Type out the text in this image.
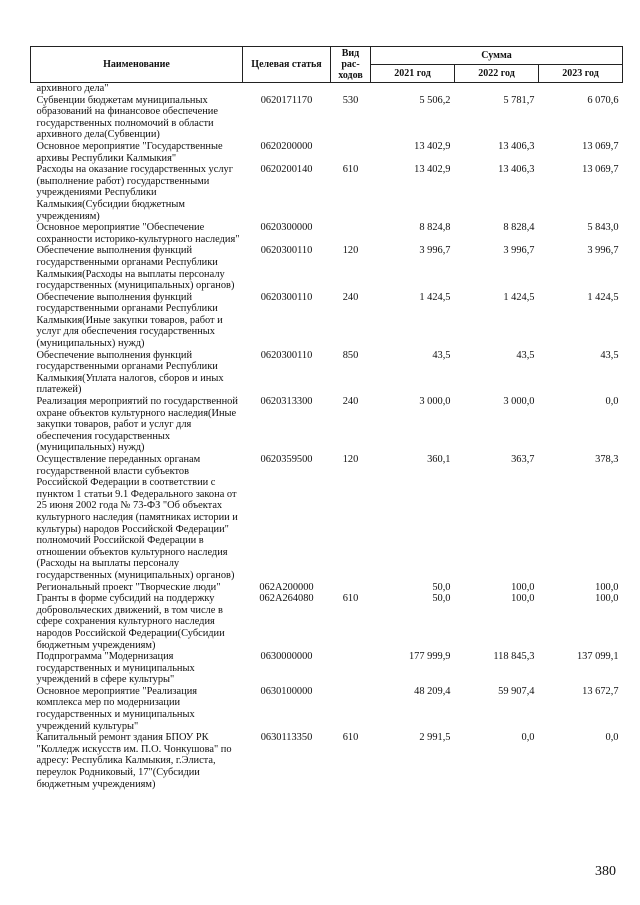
Наименование	Целевая статья	Вид рас-ходов	Сумма		
			2021 год	2022 год	2023 год
архивного дела"					
Субвенции бюджетам муниципальных образований на финансовое обеспечение государственных полномочий в области архивного дела(Субвенции)	0620171170	530	5 506,2	5 781,7	6 070,6
Основное мероприятие "Государственные архивы Республики Калмыкия"	0620200000		13 402,9	13 406,3	13 069,7
Расходы на оказание государственных услуг (выполнение работ) государственными учреждениями Республики Калмыкия(Субсидии бюджетным учреждениям)	0620200140	610	13 402,9	13 406,3	13 069,7
Основное мероприятие "Обеспечение сохранности историко-культурного наследия"	0620300000		8 824,8	8 828,4	5 843,0
Обеспечение выполнения функций государственными органами Республики Калмыкия(Расходы на выплаты персоналу государственных (муниципальных) органов)	0620300110	120	3 996,7	3 996,7	3 996,7
Обеспечение выполнения функций государственными органами Республики Калмыкия(Иные закупки товаров, работ и услуг для обеспечения государственных (муниципальных) нужд)	0620300110	240	1 424,5	1 424,5	1 424,5
Обеспечение выполнения функций государственными органами Республики Калмыкия(Уплата налогов, сборов и иных платежей)	0620300110	850	43,5	43,5	43,5
Реализация мероприятий по государственной охране объектов культурного наследия(Иные закупки товаров, работ и услуг для обеспечения государственных (муниципальных) нужд)	0620313300	240	3 000,0	3 000,0	0,0
Осуществление переданных органам государственной власти субъектов Российской Федерации в соответствии с пунктом 1 статьи 9.1 Федерального закона от 25 июня 2002 года № 73-ФЗ "Об объектах культурного наследия (памятниках истории и культуры) народов Российской Федерации" полномочий Российской Федерации в отношении объектов культурного наследия (Расходы на выплаты персоналу государственных (муниципальных) органов)	0620359500	120	360,1	363,7	378,3
Региональный проект "Творческие люди"	062A200000		50,0	100,0	100,0
Гранты в форме субсидий на поддержку добровольческих движений, в том числе в сфере сохранения культурного наследия народов Российской Федерации(Субсидии бюджетным учреждениям)	062A264080	610	50,0	100,0	100,0
Подпрограмма "Модернизация государственных и муниципальных учреждений в сфере культуры"	0630000000		177 999,9	118 845,3	137 099,1
Основное мероприятие "Реализация комплекса мер по модернизации государственных и муниципальных учреждений культуры"	0630100000		48 209,4	59 907,4	13 672,7
Капитальный ремонт здания БПОУ РК "Колледж искусств им. П.О. Чонкушова" по адресу: Республика Калмыкия, г.Элиста, переулок Родниковый, 17"(Субсидии бюджетным учреждениям)	0630113350	610	2 991,5	0,0	0,0
380
